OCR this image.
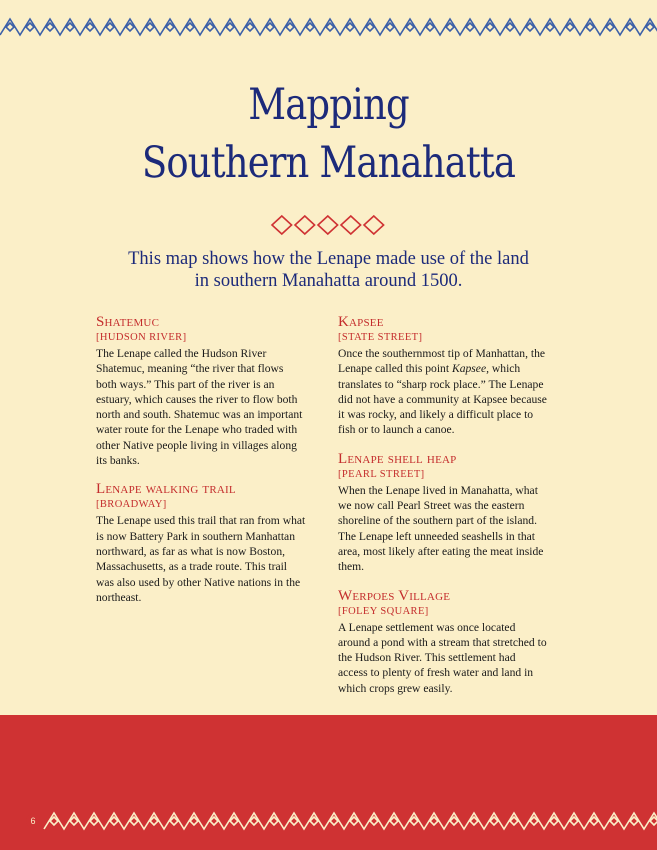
Mapping
Southern Manahatta
This map shows how the Lenape made use of the land
in southern Manahatta around 1500.
Shatemuc
[HUDSON RIVER]

The Lenape called the Hudson River Shatemuc, meaning “the river that flows both ways.” This part of the river is an estuary, which causes the river to flow both north and south. Shatemuc was an important water route for the Lenape who traded with other Native people living in villages along its banks.

Lenape walking trail
[BROADWAY]

The Lenape used this trail that ran from what is now Battery Park in southern Manhattan northward, as far as what is now Boston, Massachusetts, as a trade route. This trail was also used by other Native nations in the northeast.

Kapsee
[STATE STREET]

Once the southernmost tip of Manhattan, the Lenape called this point Kapsee, which translates to “sharp rock place.” The Lenape did not have a community at Kapsee because it was rocky, and likely a difficult place to fish or to launch a canoe.

Lenape shell heap
[PEARL STREET]

When the Lenape lived in Manahatta, what we now call Pearl Street was the eastern shoreline of the southern part of the island. The Lenape left unneeded seashells in that area, most likely after eating the meat inside them.

Werpoes Village
[FOLEY SQUARE]

A Lenape settlement was once located around a pond with a stream that stretched to the Hudson River. This settlement had access to plenty of fresh water and land in which crops grew easily.

6
